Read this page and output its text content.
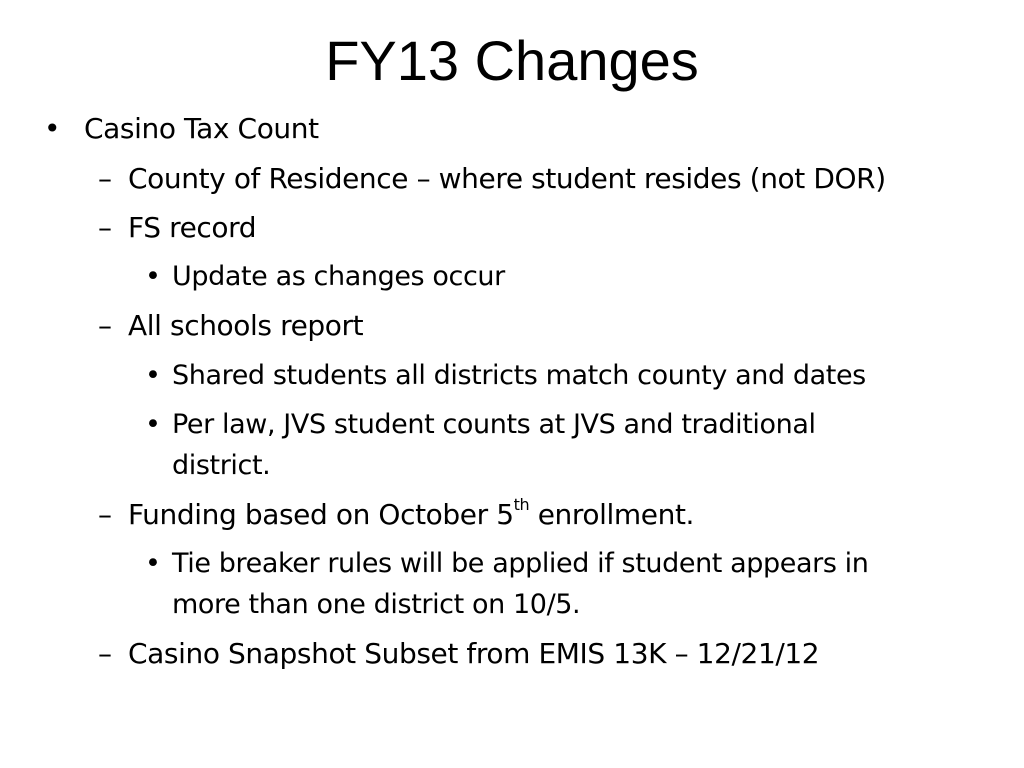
FY13 Changes
• Casino Tax Count
– County of Residence – where student resides (not DOR)
– FS record
• Update as changes occur
– All schools report
• Shared students all districts match county and dates
• Per law, JVS student counts at JVS and traditional
district.
– Funding based on October 5th enrollment.
• Tie breaker rules will be applied if student appears in
more than one district on 10/5.
– Casino Snapshot Subset from EMIS 13K – 12/21/12
